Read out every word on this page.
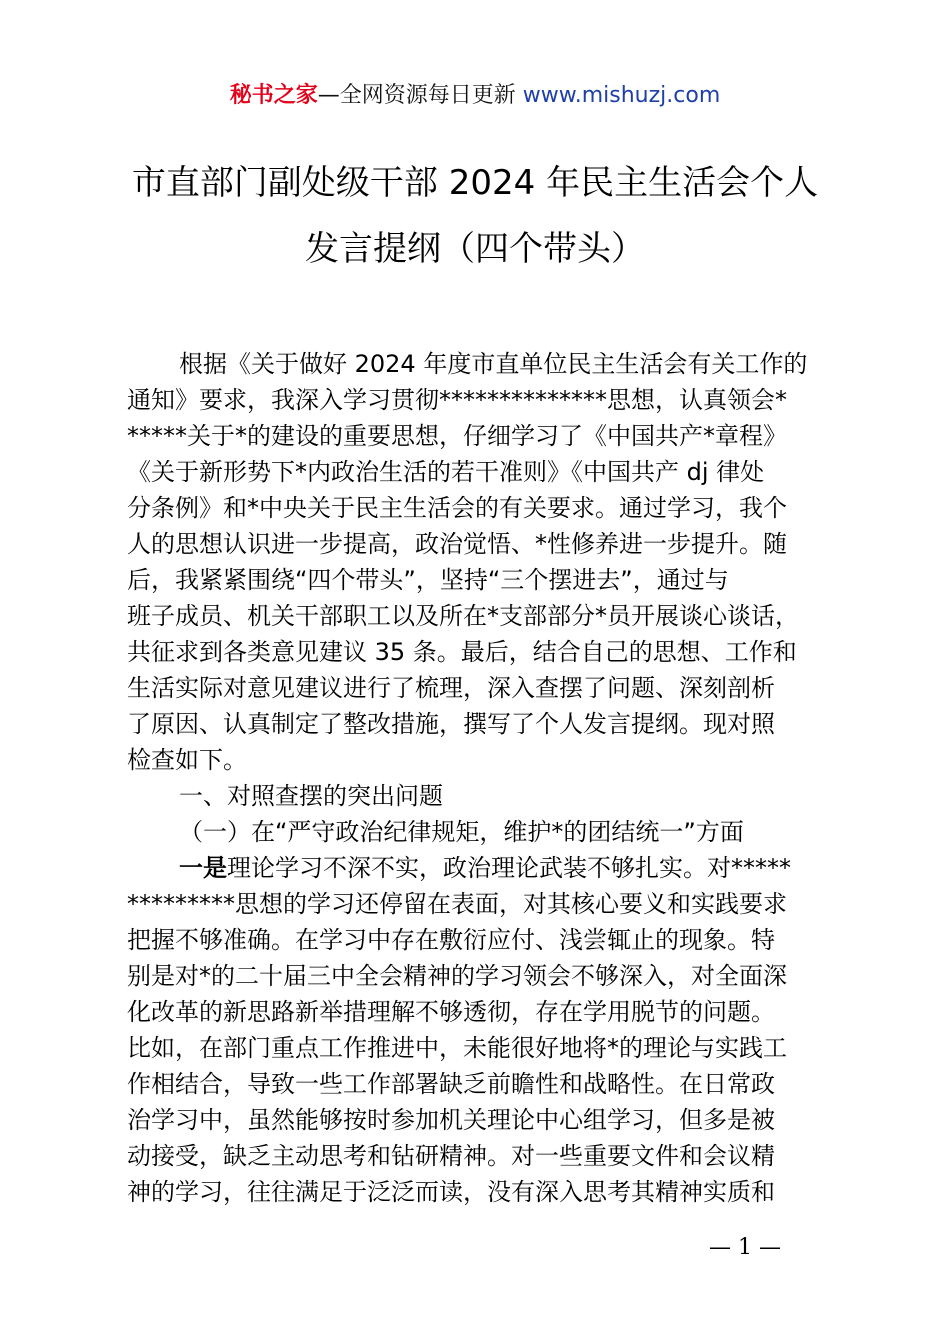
秘书之家—全网资源每日更新 www.mishuzj.com
市直部门副处级干部 2024 年民主生活会个人
发言提纲（四个带头）
根据《关于做好 2024 年度市直单位民主生活会有关工作的
通知》要求，我深入学习贯彻**************思想，认真领会*
*****关于*的建设的重要思想，仔细学习了《中国共产*章程》
《关于新形势下*内政治生活的若干准则》《中国共产 dj 律处
分条例》和*中央关于民主生活会的有关要求。通过学习，我个
人的思想认识进一步提高，政治觉悟、*性修养进一步提升。随
后，我紧紧围绕“四个带头”，坚持“三个摆进去”，通过与
班子成员、机关干部职工以及所在*支部部分*员开展谈心谈话，
共征求到各类意见建议 35 条。最后，结合自己的思想、工作和
生活实际对意见建议进行了梳理，深入查摆了问题、深刻剖析
了原因、认真制定了整改措施，撰写了个人发言提纲。现对照
检查如下。
一、对照查摆的突出问题
（一）在“严守政治纪律规矩，维护*的团结统一”方面
一是理论学习不深不实，政治理论武装不够扎实。对*****
*********思想的学习还停留在表面，对其核心要义和实践要求
把握不够准确。在学习中存在敷衍应付、浅尝辄止的现象。特
别是对*的二十届三中全会精神的学习领会不够深入，对全面深
化改革的新思路新举措理解不够透彻，存在学用脱节的问题。
比如，在部门重点工作推进中，未能很好地将*的理论与实践工
作相结合，导致一些工作部署缺乏前瞻性和战略性。在日常政
治学习中，虽然能够按时参加机关理论中心组学习，但多是被
动接受，缺乏主动思考和钻研精神。对一些重要文件和会议精
神的学习，往往满足于泛泛而读，没有深入思考其精神实质和
— 1 —
